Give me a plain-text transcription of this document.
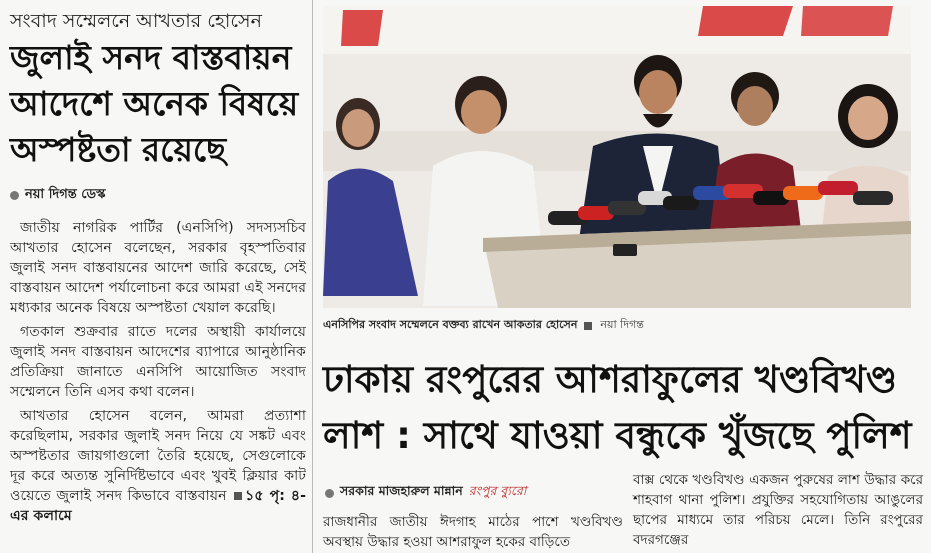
সংবাদ সম্মেলনে আখতার হোসেন
জুলাই সনদ বাস্তবায়ন আদেশে অনেক বিষয়ে অস্পষ্টতা রয়েছে
নয়া দিগন্ত ডেস্ক

জাতীয় নাগরিক পার্টির (এনসিপি) সদস্যসচিব আখতার হোসেন বলেছেন, সরকার বৃহস্পতিবার জুলাই সনদ বাস্তবায়নের আদেশ জারি করেছে, সেই বাস্তবায়ন আদেশ পর্যালোচনা করে আমরা এই সনদের মধ্যকার অনেক বিষয়ে অস্পষ্টতা খেয়াল করেছি।

গতকাল শুক্রবার রাতে দলের অস্থায়ী কার্যালয়ে জুলাই সনদ বাস্তবায়ন আদেশের ব্যাপারে আনুষ্ঠানিক প্রতিক্রিয়া জানাতে এনসিপি আয়োজিত সংবাদ সম্মেলনে তিনি এসব কথা বলেন।

আখতার হোসেন বলেন, আমরা প্রত্যাশা করেছিলাম, সরকার জুলাই সনদ নিয়ে যে সঙ্কট এবং অস্পষ্টতার জায়গাগুলো তৈরি হয়েছে, সেগুলোকে দূর করে অত্যন্ত সুনির্দিষ্টভাবে এবং খুবই ক্লিয়ার কাট ওয়েতে জুলাই সনদ কিভাবে বাস্তবায়ন ১৫ পৃ: ৪-এর কলামে

এনসিপির সংবাদ সম্মেলনে বক্তব্য রাখেন আকতার হোসেন নয়া দিগন্ত
ঢাকায় রংপুরের আশরাফুলের খণ্ডবিখণ্ড লাশ : সাথে যাওয়া বন্ধুকে খুঁজছে পুলিশ
সরকার মাজহারুল মান্নান রংপুর ব্যুরো
রাজধানীর জাতীয় ঈদগাহ মাঠের পাশে খণ্ডবিখণ্ড অবস্থায় উদ্ধার হওয়া আশরাফুল হকের বাড়িতে
বাক্স থেকে খণ্ডবিখণ্ড একজন পুরুষের লাশ উদ্ধার করে শাহবাগ থানা পুলিশ। প্রযুক্তির সহযোগিতায় আঙুলের ছাপের মাধ্যমে তার পরিচয় মেলে। তিনি রংপুরের বদরগঞ্জের
